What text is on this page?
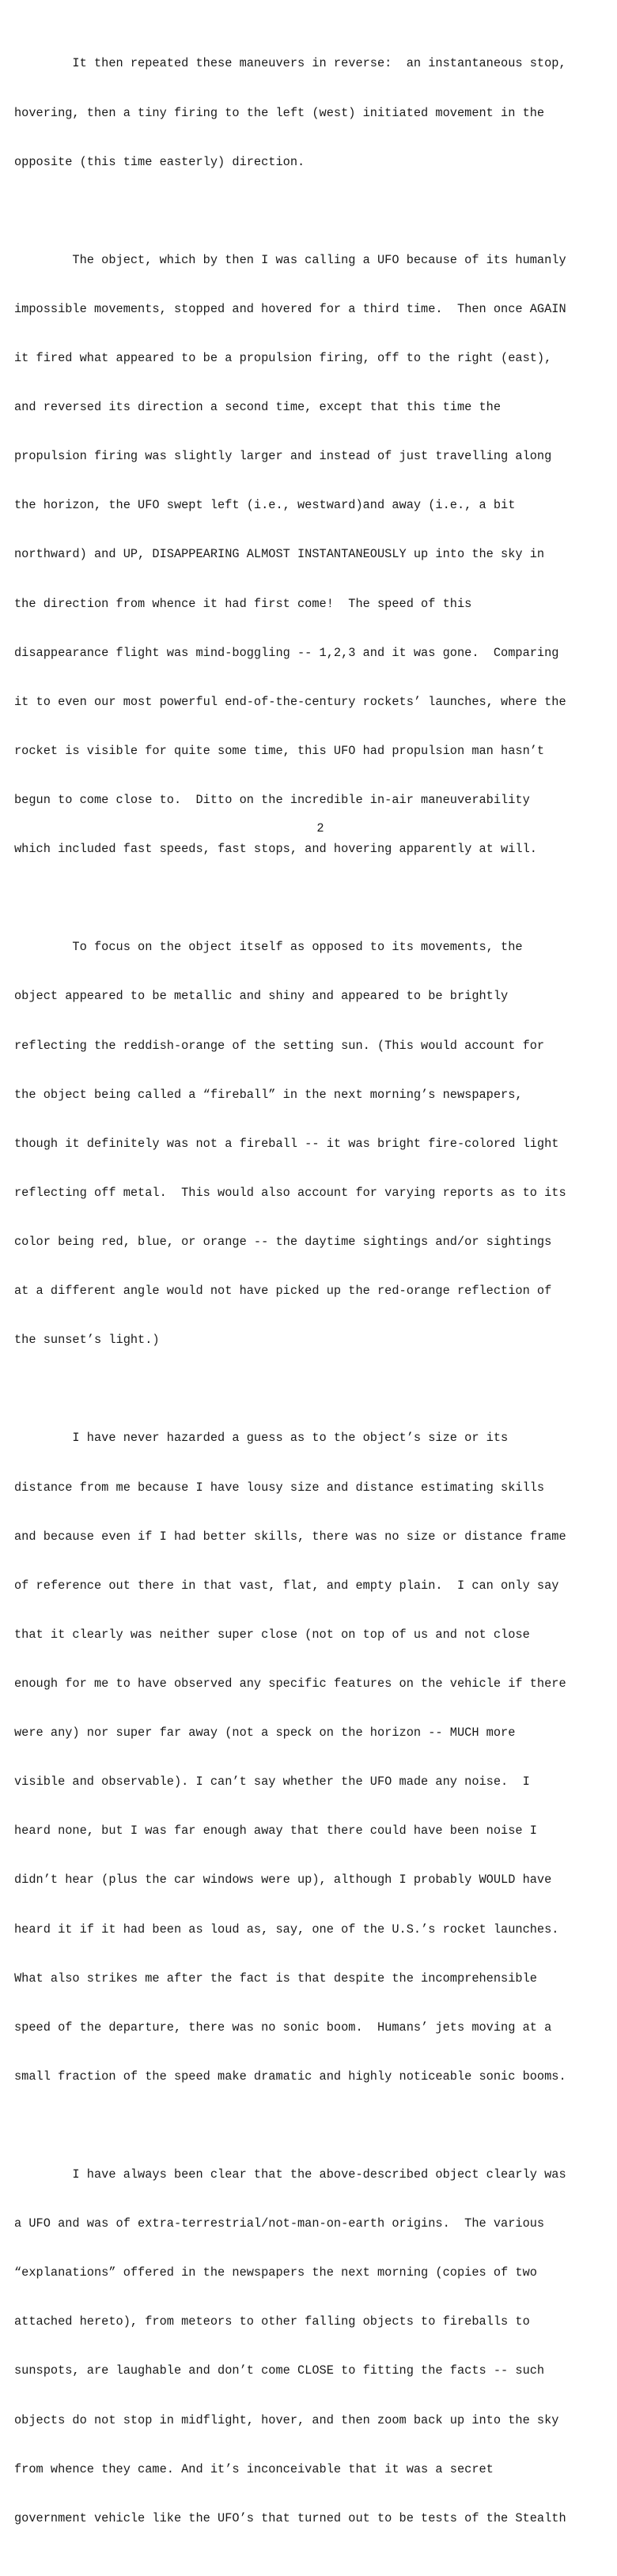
It then repeated these maneuvers in reverse:  an instantaneous stop,

hovering, then a tiny firing to the left (west) initiated movement in the

opposite (this time easterly) direction.

The object, which by then I was calling a UFO because of its humanly

impossible movements, stopped and hovered for a third time.  Then once AGAIN

it fired what appeared to be a propulsion firing, off to the right (east),

and reversed its direction a second time, except that this time the

propulsion firing was slightly larger and instead of just travelling along

the horizon, the UFO swept left (i.e., westward)and away (i.e., a bit

northward) and UP, DISAPPEARING ALMOST INSTANTANEOUSLY up into the sky in

the direction from whence it had first come!  The speed of this

disappearance flight was mind-boggling -- 1,2,3 and it was gone.  Comparing

it to even our most powerful end-of-the-century rockets’ launches, where the

rocket is visible for quite some time, this UFO had propulsion man hasn’t

begun to come close to.  Ditto on the incredible in-air maneuverability

which included fast speeds, fast stops, and hovering apparently at will.

To focus on the object itself as opposed to its movements, the

object appeared to be metallic and shiny and appeared to be brightly

reflecting the reddish-orange of the setting sun. (This would account for

the object being called a “fireball” in the next morning’s newspapers,

though it definitely was not a fireball -- it was bright fire-colored light

reflecting off metal.  This would also account for varying reports as to its

color being red, blue, or orange -- the daytime sightings and/or sightings

at a different angle would not have picked up the red-orange reflection of

the sunset’s light.)

I have never hazarded a guess as to the object’s size or its

distance from me because I have lousy size and distance estimating skills

and because even if I had better skills, there was no size or distance frame

of reference out there in that vast, flat, and empty plain.  I can only say

that it clearly was neither super close (not on top of us and not close

enough for me to have observed any specific features on the vehicle if there

were any) nor super far away (not a speck on the horizon -- MUCH more

visible and observable). I can’t say whether the UFO made any noise.  I

heard none, but I was far enough away that there could have been noise I

didn’t hear (plus the car windows were up), although I probably WOULD have

heard it if it had been as loud as, say, one of the U.S.’s rocket launches.

What also strikes me after the fact is that despite the incomprehensible

speed of the departure, there was no sonic boom.  Humans’ jets moving at a

small fraction of the speed make dramatic and highly noticeable sonic booms.

I have always been clear that the above-described object clearly was

a UFO and was of extra-terrestrial/not-man-on-earth origins.  The various

“explanations” offered in the newspapers the next morning (copies of two

attached hereto), from meteors to other falling objects to fireballs to

sunspots, are laughable and don’t come CLOSE to fitting the facts -- such

objects do not stop in midflight, hover, and then zoom back up into the sky

from whence they came. And it’s inconceivable that it was a secret

government vehicle like the UFO’s that turned out to be tests of the Stealth

2
